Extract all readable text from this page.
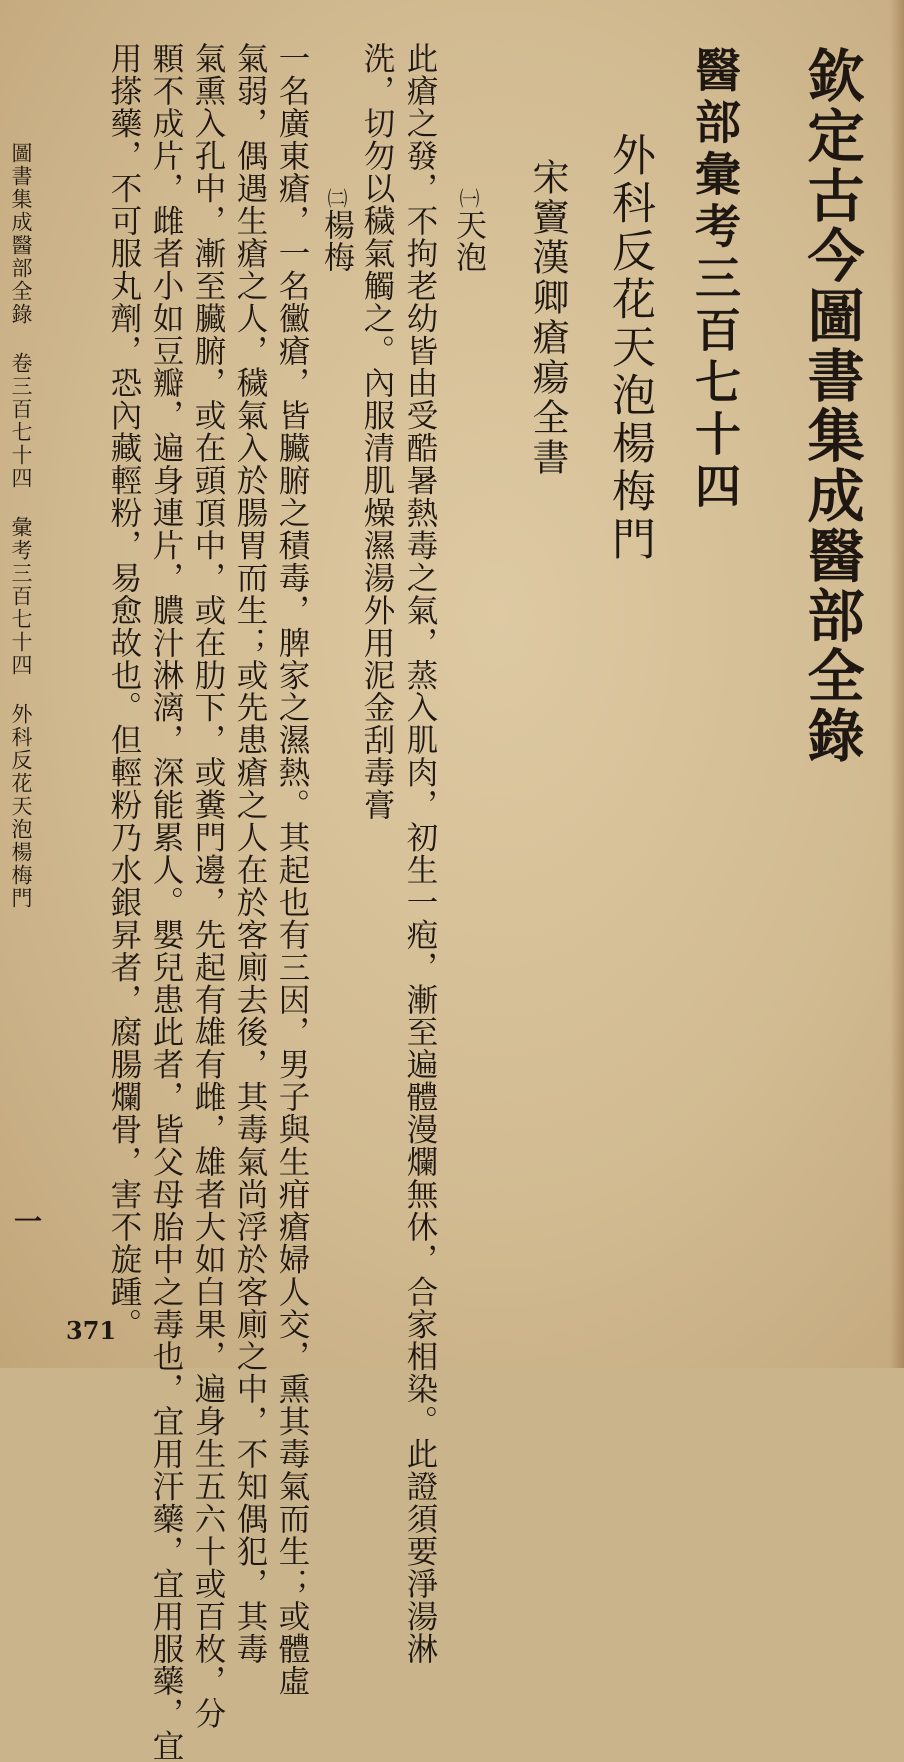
欽定古今圖書集成醫部全錄
醫部彙考三百七十四
外科反花天泡楊梅門
宋竇漢卿瘡瘍全書
㈠天泡
此瘡之發，不拘老幼皆由受酷暑熱毒之氣，蒸入肌肉，初生一疱，漸至遍體漫爛無休，合家相染。此證須要淨湯淋
洗，切勿以穢氣觸之。內服清肌燥濕湯外用泥金刮毒膏
㈡楊梅
一名廣東瘡，一名黴瘡，皆臟腑之積毒，脾家之濕熱。其起也有三因，男子與生疳瘡婦人交，熏其毒氣而生；或體虛
氣弱，偶遇生瘡之人，穢氣入於腸胃而生；或先患瘡之人在於客廁去後，其毒氣尚浮於客廁之中，不知偶犯，其毒
氣熏入孔中，漸至臟腑，或在頭頂中，或在肋下，或糞門邊，先起有雄有雌，雄者大如白果，遍身生五六十或百枚，分
顆不成片，雌者小如豆瓣，遍身連片，膿汁淋漓，深能累人。嬰兒患此者，皆父母胎中之毒也，宜用汗藥，宜用服藥，宜
用搽藥，不可服丸劑，恐內藏輕粉，易愈故也。但輕粉乃水銀昇者，腐腸爛骨，害不旋踵。
圖書集成醫部全錄卷三百七十四彙考三百七十四外科反花天泡楊梅門
一
371
